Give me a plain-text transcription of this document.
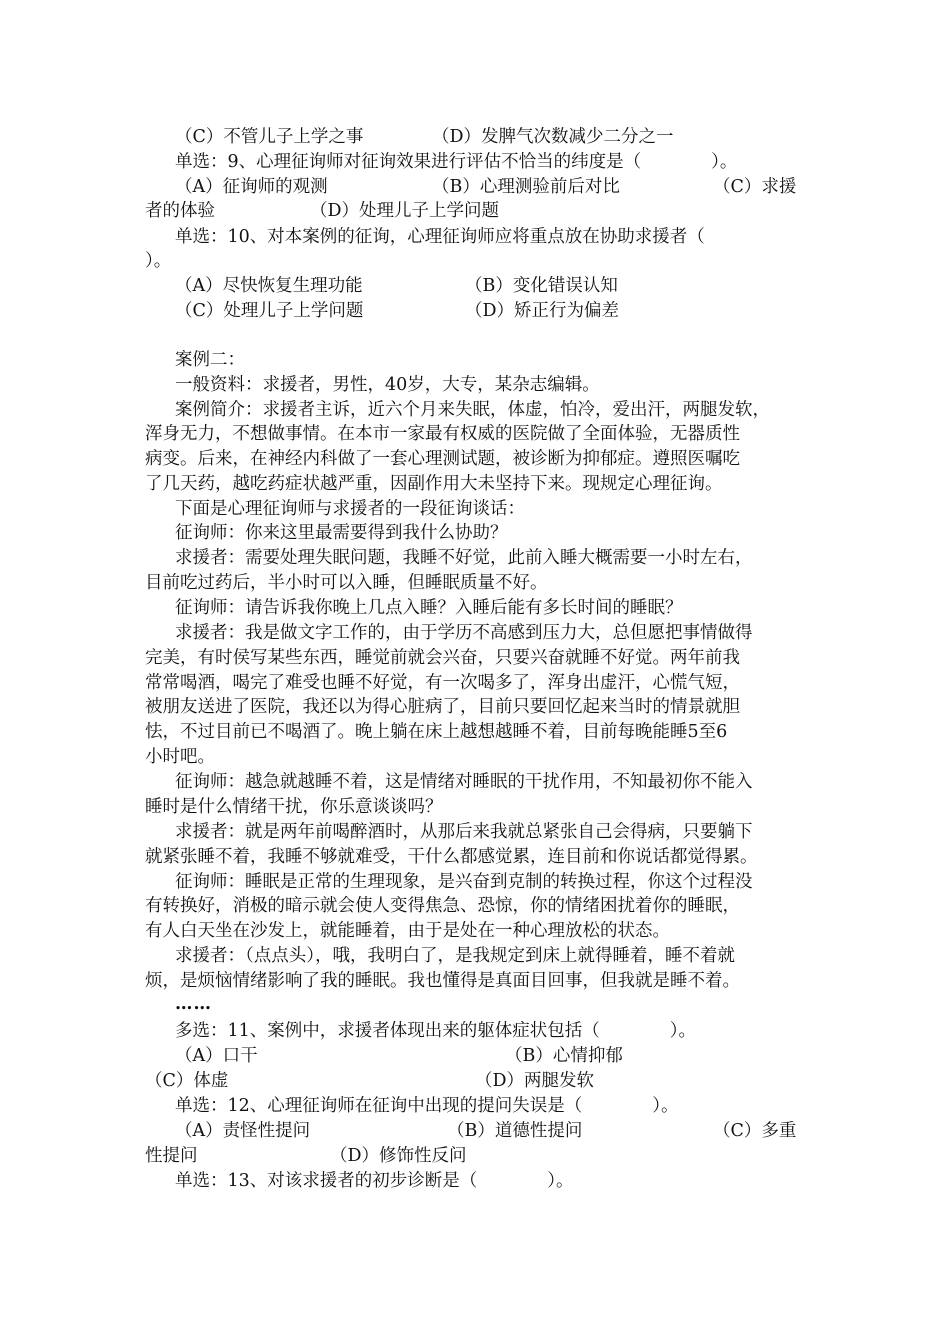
（C）不管儿子上学之事	（D）发脾气次数减少二分之一
单选：9、心理征询师对征询效果进行评估不恰当的纬度是（　　　　）。
（A）征询师的观测	（B）心理测验前后对比	（C）求援
者的体验	（D）处理儿子上学问题
单选：10、对本案例的征询，心理征询师应将重点放在协助求援者（
）。
（A）尽快恢复生理功能	（B）变化错误认知
（C）处理儿子上学问题	（D）矫正行为偏差
案例二：
一般资料：求援者，男性，40岁，大专，某杂志编辑。
案例简介：求援者主诉，近六个月来失眠，体虚，怕冷，爱出汗，两腿发软，
浑身无力，不想做事情。在本市一家最有权威的医院做了全面体验，无器质性
病变。后来，在神经内科做了一套心理测试题，被诊断为抑郁症。遵照医嘱吃
了几天药，越吃药症状越严重，因副作用大未坚持下来。现规定心理征询。
下面是心理征询师与求援者的一段征询谈话：
征询师：你来这里最需要得到我什么协助？
求援者：需要处理失眠问题，我睡不好觉，此前入睡大概需要一小时左右，
目前吃过药后，半小时可以入睡，但睡眠质量不好。
征询师：请告诉我你晚上几点入睡？入睡后能有多长时间的睡眠？
求援者：我是做文字工作的，由于学历不高感到压力大，总但愿把事情做得
完美，有时侯写某些东西，睡觉前就会兴奋，只要兴奋就睡不好觉。两年前我
常常喝酒，喝完了难受也睡不好觉，有一次喝多了，浑身出虚汗，心慌气短，
被朋友送进了医院，我还以为得心脏病了，目前只要回忆起来当时的情景就胆
怯，不过目前已不喝酒了。晚上躺在床上越想越睡不着，目前每晚能睡5至6
小时吧。
征询师：越急就越睡不着，这是情绪对睡眠的干扰作用，不知最初你不能入
睡时是什么情绪干扰，你乐意谈谈吗？
求援者：就是两年前喝醉酒时，从那后来我就总紧张自己会得病，只要躺下
就紧张睡不着，我睡不够就难受，干什么都感觉累，连目前和你说话都觉得累。
征询师：睡眠是正常的生理现象，是兴奋到克制的转换过程，你这个过程没
有转换好，消极的暗示就会使人变得焦急、恐惊，你的情绪困扰着你的睡眠，
有人白天坐在沙发上，就能睡着，由于是处在一种心理放松的状态。
求援者：（点点头），哦，我明白了，是我规定到床上就得睡着，睡不着就
烦，是烦恼情绪影响了我的睡眠。我也懂得是真面目回事，但我就是睡不着。
……
多选：11、案例中，求援者体现出来的躯体症状包括（　　　　）。
（A）口干	（B）心情抑郁
（C）体虚	（D）两腿发软
单选：12、心理征询师在征询中出现的提问失误是（　　　　）。
（A）责怪性提问	（B）道德性提问	（C）多重
性提问	（D）修饰性反问
单选：13、对该求援者的初步诊断是（　　　　）。
